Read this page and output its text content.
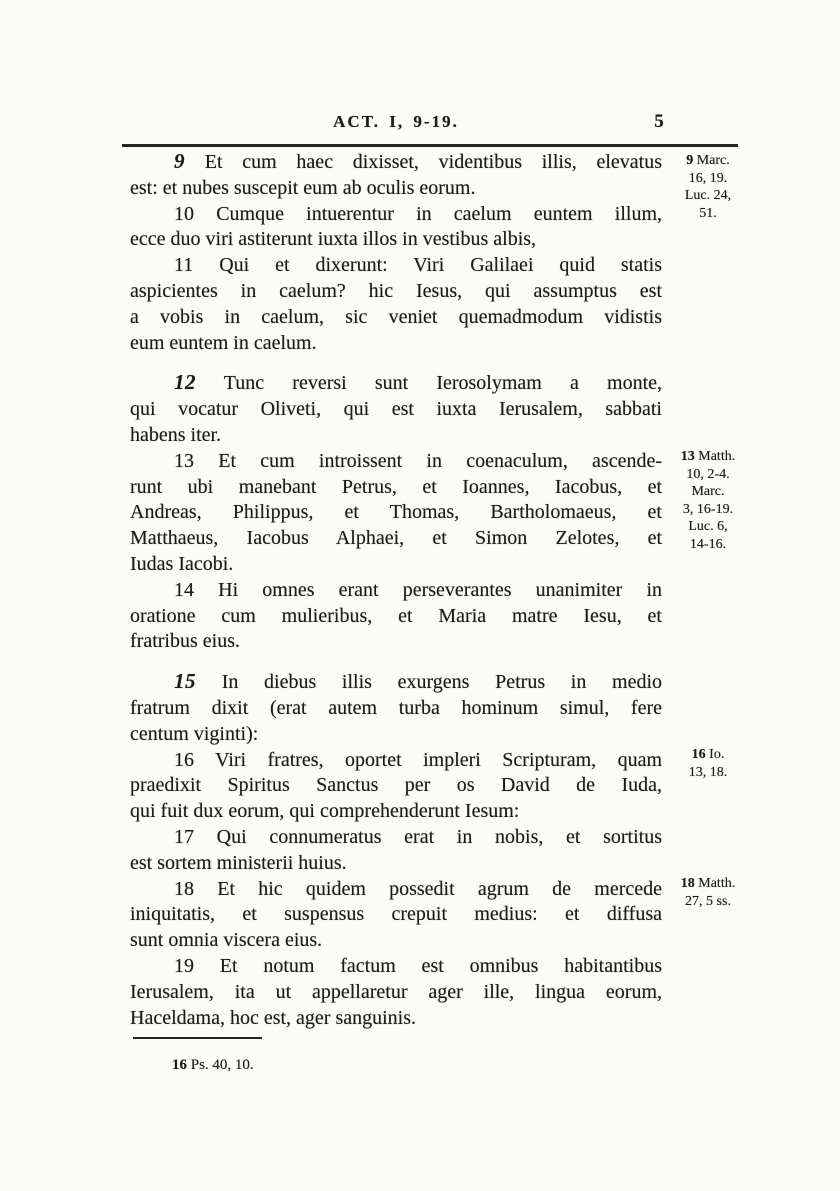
ACT. I, 9-19.	5
9 Et cum haec dixisset, videntibus illis, elevatus
est: et nubes suscepit eum ab oculis eorum.
10 Cumque intuerentur in caelum euntem illum,
ecce duo viri astiterunt iuxta illos in vestibus albis,
11 Qui et dixerunt: Viri Galilaei quid statis
aspicientes in caelum? hic Iesus, qui assumptus est
a vobis in caelum, sic veniet quemadmodum vidistis
eum euntem in caelum.
12 Tunc reversi sunt Ierosolymam a monte,
qui vocatur Oliveti, qui est iuxta Ierusalem, sabbati
habens iter.
13 Et cum introissent in coenaculum, ascende-
runt ubi manebant Petrus, et Ioannes, Iacobus, et
Andreas, Philippus, et Thomas, Bartholomaeus, et
Matthaeus, Iacobus Alphaei, et Simon Zelotes, et
Iudas Iacobi.
14 Hi omnes erant perseverantes unanimiter in
oratione cum mulieribus, et Maria matre Iesu, et
fratribus eius.
15 In diebus illis exurgens Petrus in medio
fratrum dixit (erat autem turba hominum simul, fere
centum viginti):
16 Viri fratres, oportet impleri Scripturam, quam
praedixit Spiritus Sanctus per os David de Iuda,
qui fuit dux eorum, qui comprehenderunt Iesum:
17 Qui connumeratus erat in nobis, et sortitus
est sortem ministerii huius.
18 Et hic quidem possedit agrum de mercede
iniquitatis, et suspensus crepuit medius: et diffusa
sunt omnia viscera eius.
19 Et notum factum est omnibus habitantibus
Ierusalem, ita ut appellaretur ager ille, lingua eorum,
Haceldama, hoc est, ager sanguinis.
9 Marc.
16, 19.
Luc. 24,
51.
13 Matth.
10, 2-4.
Marc.
3, 16-19.
Luc. 6,
14-16.
16 Io.
13, 18.
18 Matth.
27, 5 ss.
16 Ps. 40, 10.
